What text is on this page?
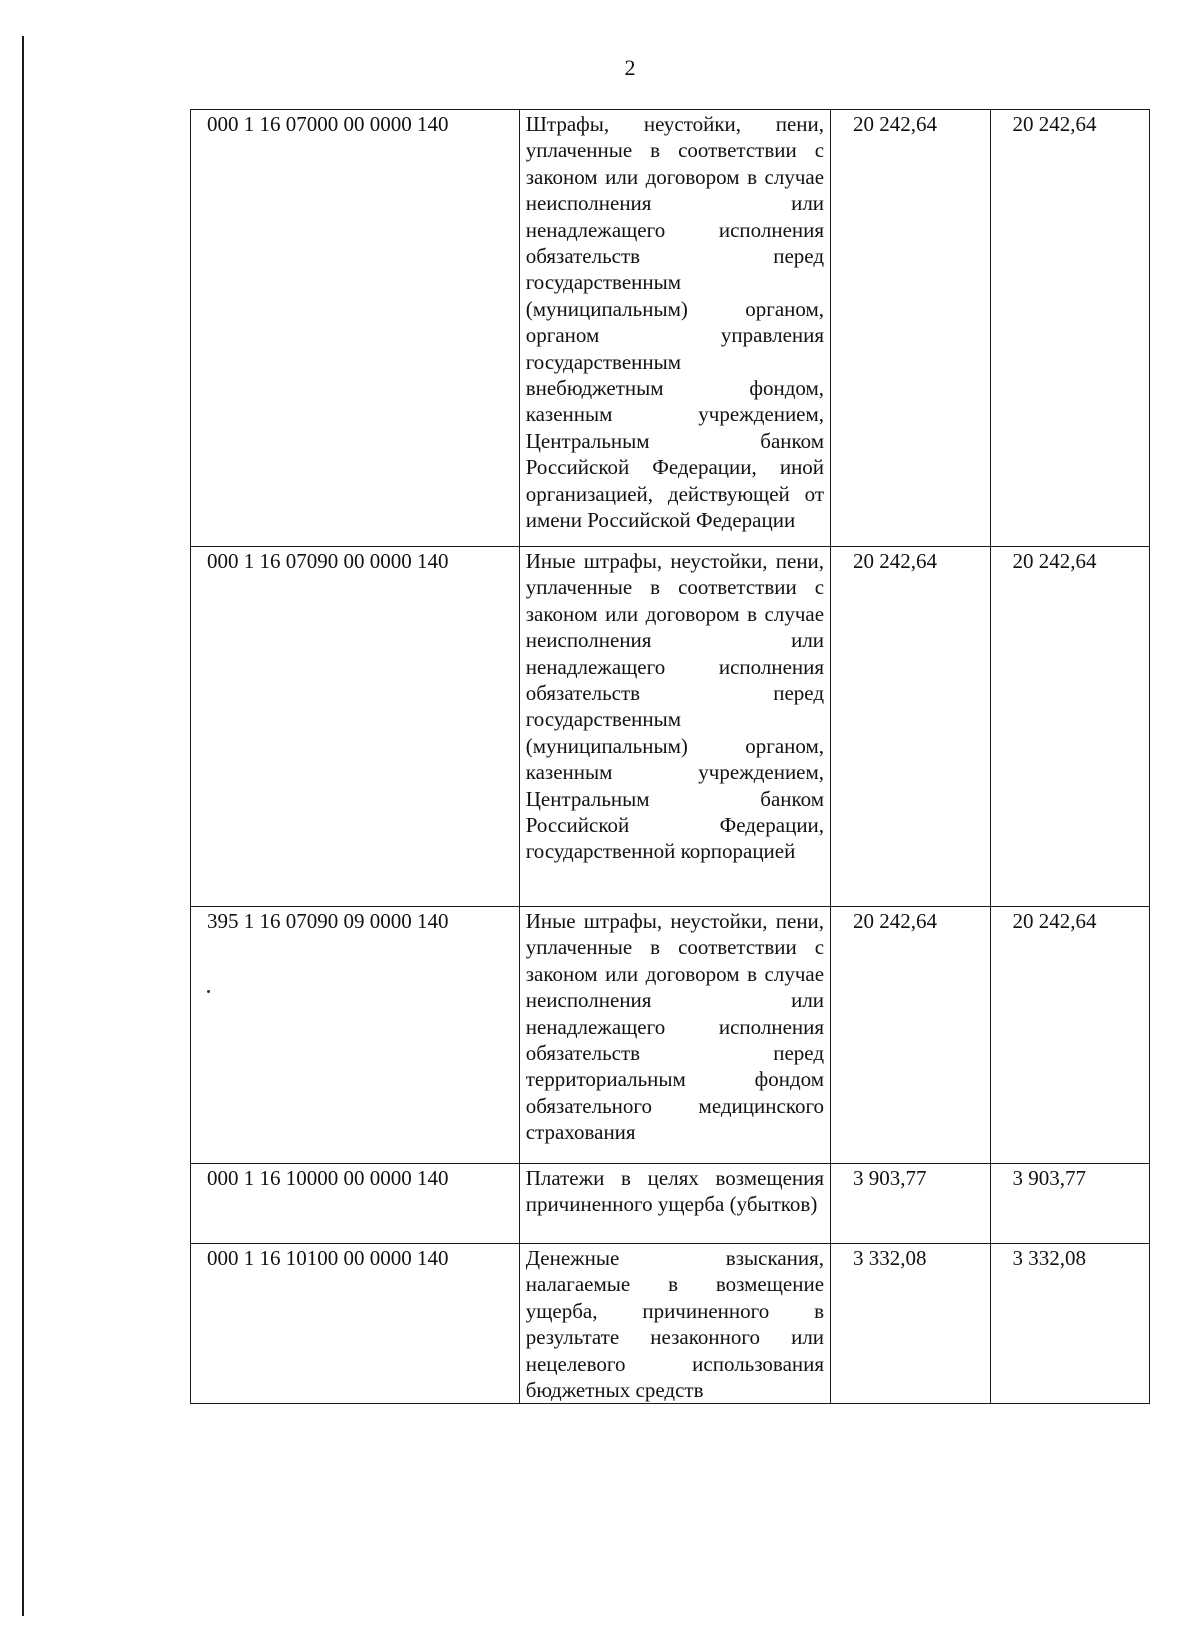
2
000 1 16 07000 00 0000 140	Штрафы, неустойки, пени, уплаченные в соответствии с законом или договором в случае неисполнения или ненадлежащего исполнения обязательств перед государственным (муниципальным) органом, органом управления государственным внебюджетным фондом, казенным учреждением, Центральным банком Российской Федерации, иной организацией, действующей от имени Российской Федерации	20 242,64	20 242,64
000 1 16 07090 00 0000 140	Иные штрафы, неустойки, пени, уплаченные в соответствии с законом или договором в случае неисполнения или ненадлежащего исполнения обязательств перед государственным (муниципальным) органом, казенным учреждением, Центральным банком Российской Федерации, государственной корпорацией	20 242,64	20 242,64
395 1 16 07090 09 0000 140	Иные штрафы, неустойки, пени, уплаченные в соответствии с законом или договором в случае неисполнения или ненадлежащего исполнения обязательств перед территориальным фондом обязательного медицинского страхования	20 242,64	20 242,64
000 1 16 10000 00 0000 140	Платежи в целях возмещения причиненного ущерба (убытков)	3 903,77	3 903,77
000 1 16 10100 00 0000 140	Денежные взыскания, налагаемые в возмещение ущерба, причиненного в результате незаконного или нецелевого использования бюджетных средств	3 332,08	3 332,08
